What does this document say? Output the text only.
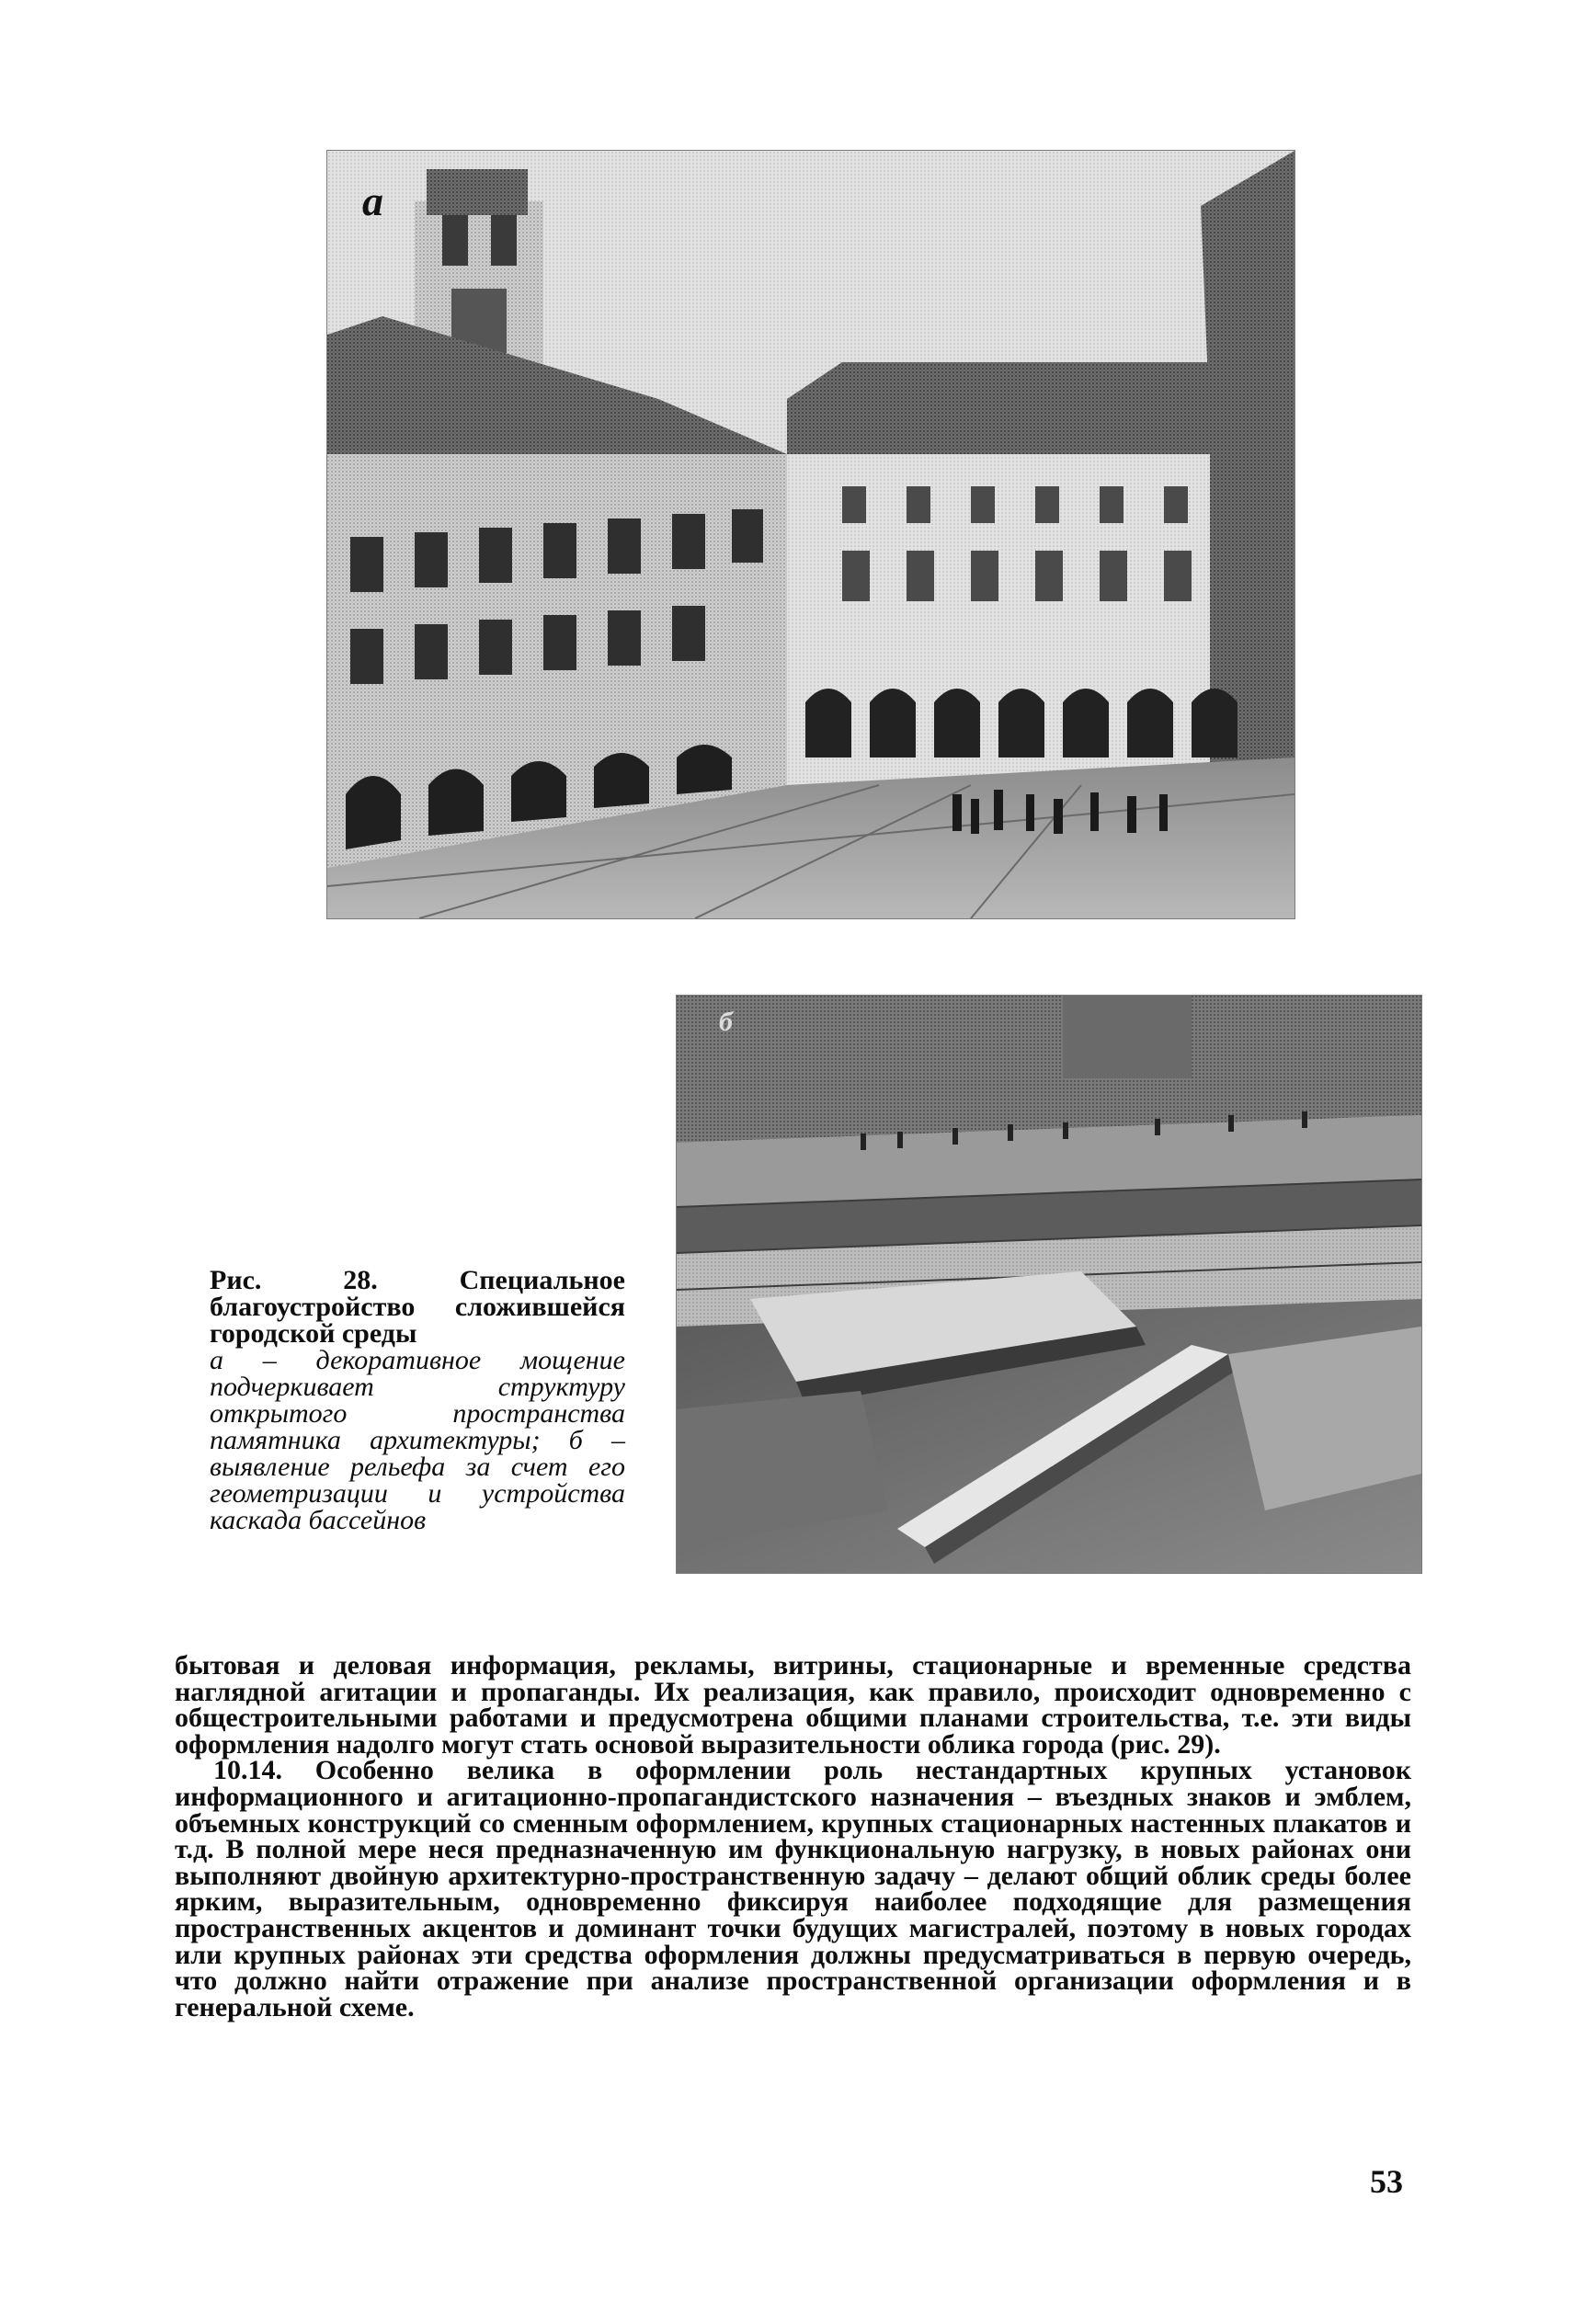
а
б
Рис. 28. Специальное благоустройство сложившейся городской среды
а – декоративное мощение подчеркивает структуру открытого пространства памятника архитектуры; б – выявление рельефа за счет его геометризации и устройства каскада бассейнов

бытовая и деловая информация, рекламы, витрины, стационарные и временные средства наглядной агитации и пропаганды. Их реализация, как правило, происходит одновременно с общестроительными работами и предусмотрена общими планами строительства, т.е. эти виды оформления надолго могут стать основой выразительности облика города (рис. 29).

10.14. Особенно велика в оформлении роль нестандартных крупных установок информационного и агитационно-пропагандистского назначения – въездных знаков и эмблем, объемных конструкций со сменным оформлением, крупных стационарных настенных плакатов и т.д. В полной мере неся предназначенную им функциональную нагрузку, в новых районах они выполняют двойную архитектурно-пространственную задачу – делают общий облик среды более ярким, выразительным, одновременно фиксируя наиболее подходящие для размещения пространственных акцентов и доминант точки будущих магистралей, поэтому в новых городах или крупных районах эти средства оформления должны предусматриваться в первую очередь, что должно найти отражение при анализе пространственной организации оформления и в генеральной схеме.

53
